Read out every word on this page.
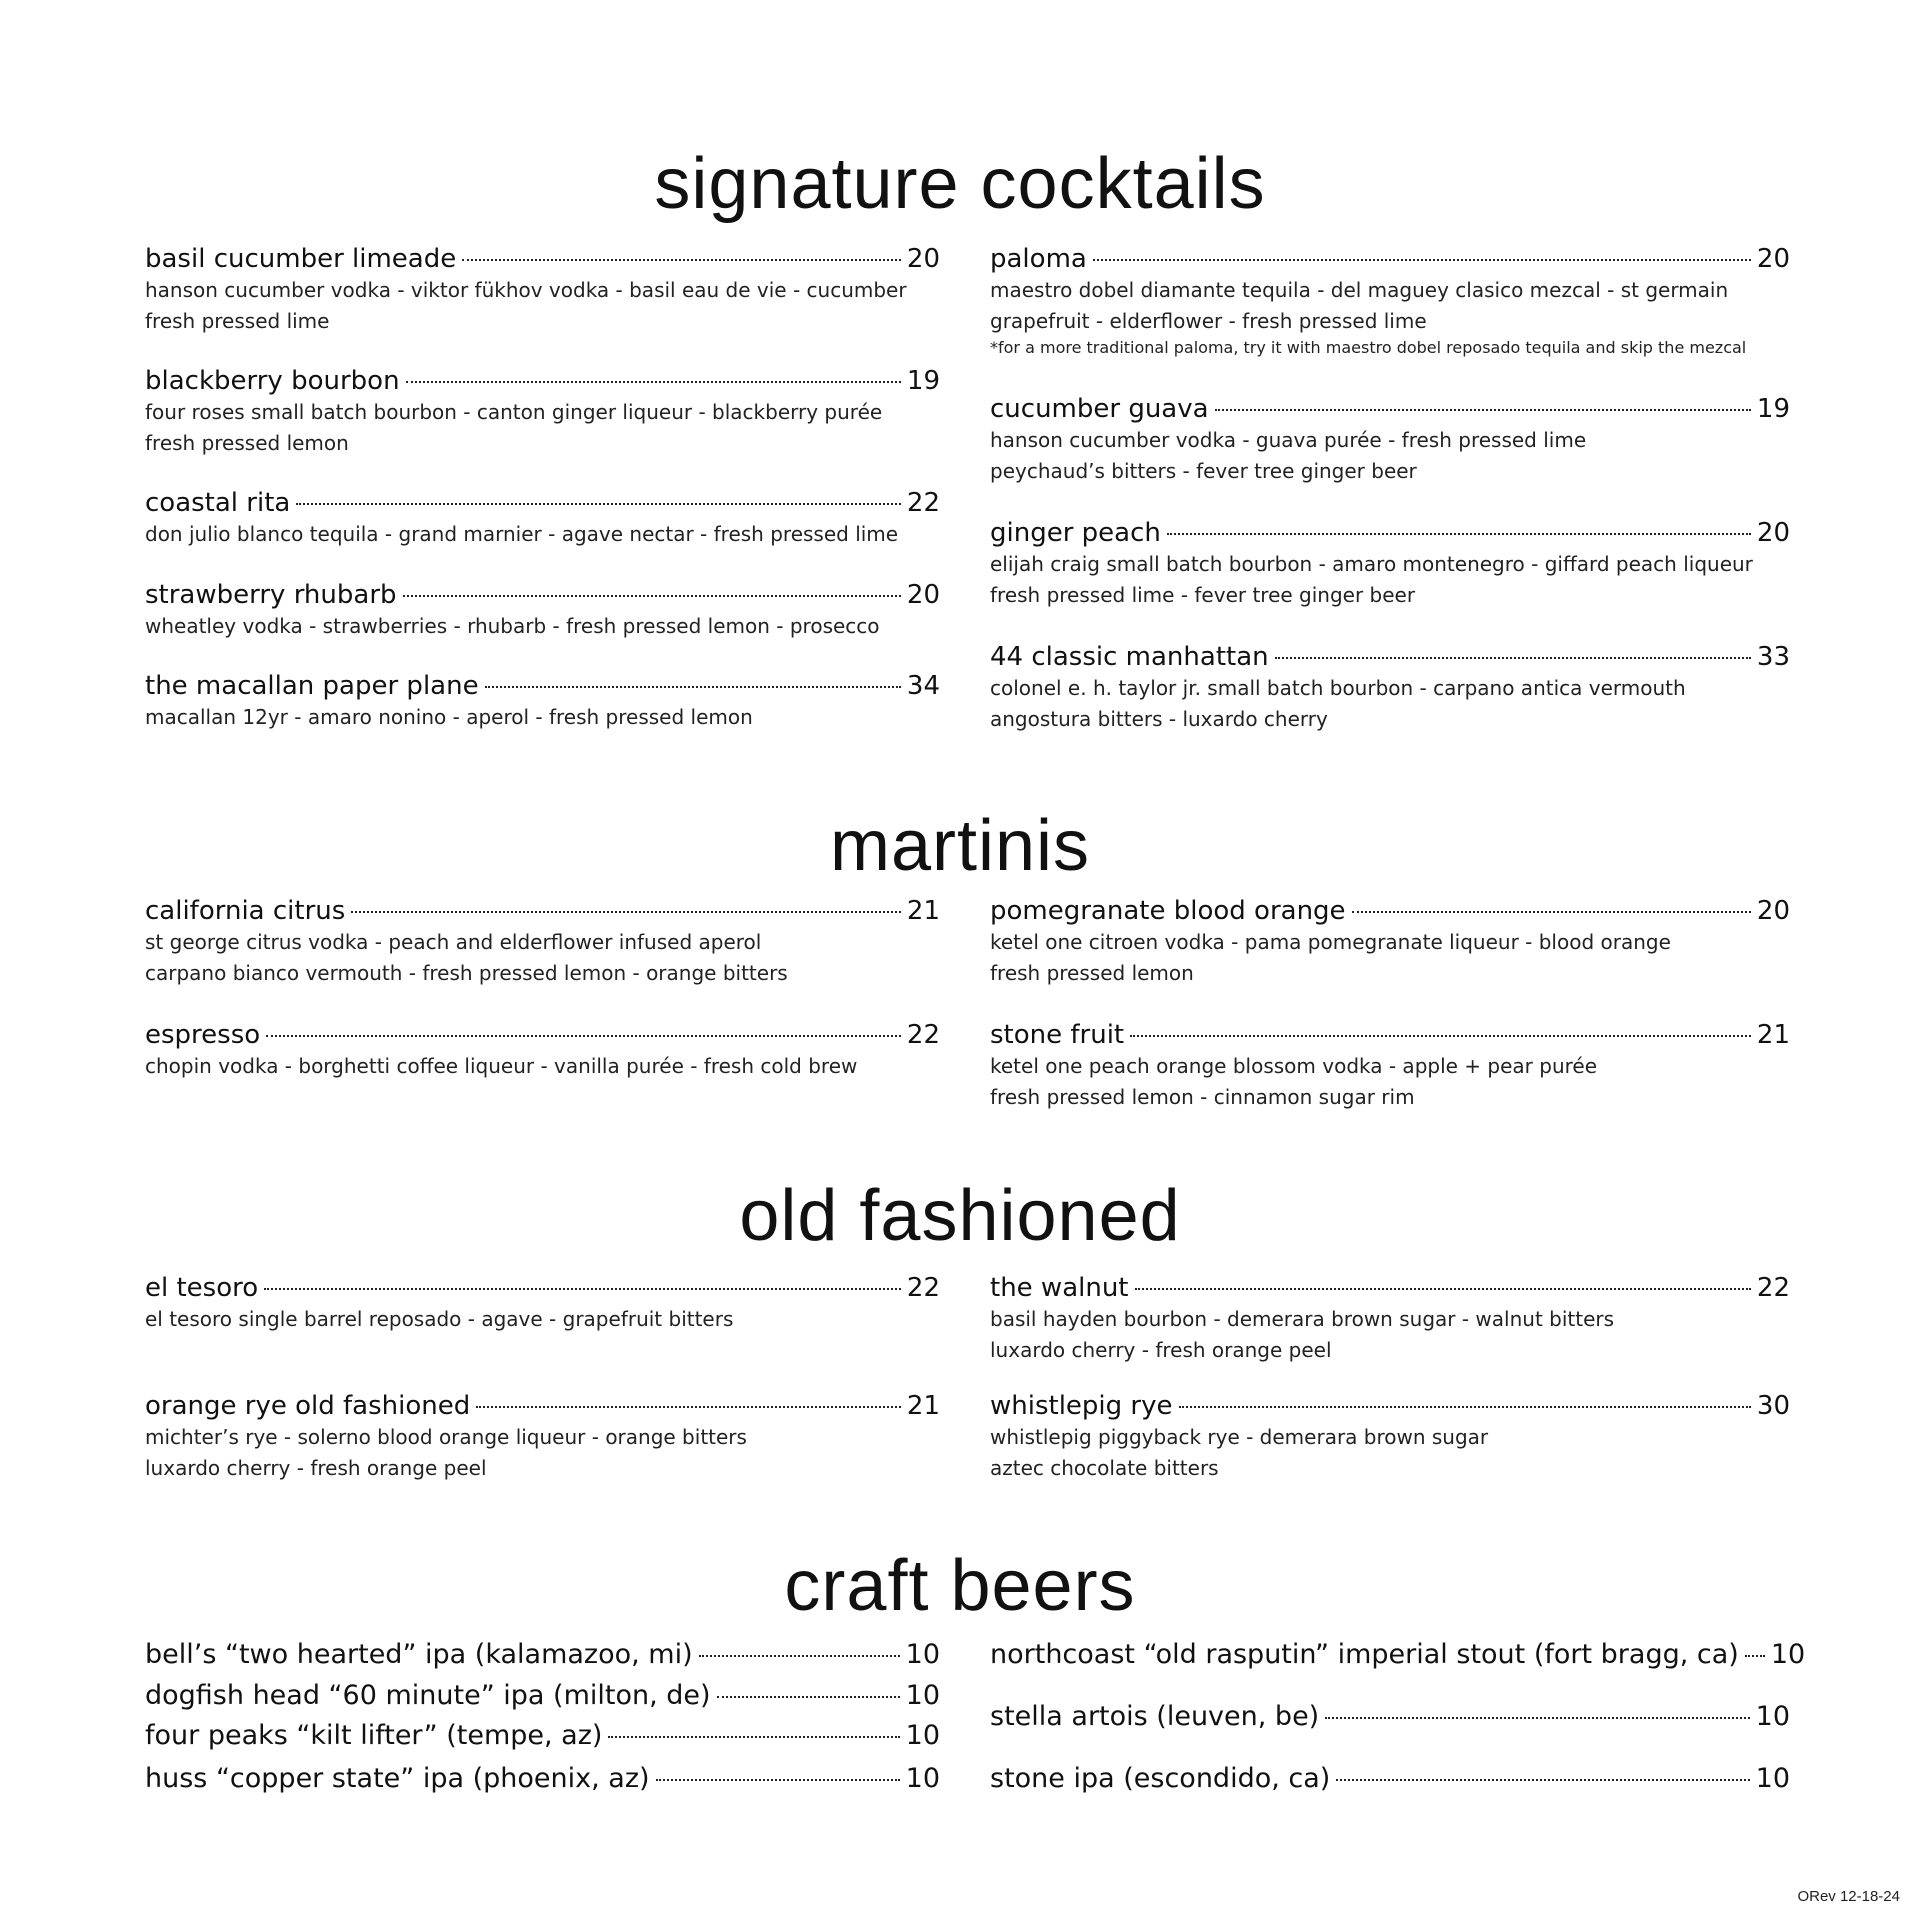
signature cocktails
basil cucumber limeade	20
hanson cucumber vodka - viktor fükhov vodka - basil eau de vie - cucumber
fresh pressed lime
blackberry bourbon	19
four roses small batch bourbon - canton ginger liqueur - blackberry purée
fresh pressed lemon
coastal rita	22
don julio blanco tequila - grand marnier - agave nectar - fresh pressed lime
strawberry rhubarb	20
wheatley vodka - strawberries - rhubarb - fresh pressed lemon - prosecco
the macallan paper plane	34
macallan 12yr - amaro nonino - aperol - fresh pressed lemon
paloma	20
maestro dobel diamante tequila - del maguey clasico mezcal - st germain
grapefruit - elderflower - fresh pressed lime
*for a more traditional paloma, try it with maestro dobel reposado tequila and skip the mezcal
cucumber guava	19
hanson cucumber vodka - guava purée - fresh pressed lime
peychaud’s bitters - fever tree ginger beer
ginger peach	20
elijah craig small batch bourbon - amaro montenegro - giffard peach liqueur
fresh pressed lime - fever tree ginger beer
44 classic manhattan	33
colonel e. h. taylor jr. small batch bourbon - carpano antica vermouth
angostura bitters - luxardo cherry
martinis
california citrus	21
st george citrus vodka - peach and elderflower infused aperol
carpano bianco vermouth - fresh pressed lemon - orange bitters
espresso	22
chopin vodka - borghetti coffee liqueur - vanilla purée - fresh cold brew
pomegranate blood orange	20
ketel one citroen vodka - pama pomegranate liqueur - blood orange
fresh pressed lemon
stone fruit	21
ketel one peach orange blossom vodka - apple + pear purée
fresh pressed lemon - cinnamon sugar rim
old fashioned
el tesoro	22
el tesoro single barrel reposado - agave - grapefruit bitters
orange rye old fashioned	21
michter’s rye - solerno blood orange liqueur - orange bitters
luxardo cherry - fresh orange peel
the walnut	22
basil hayden bourbon - demerara brown sugar - walnut bitters
luxardo cherry - fresh orange peel
whistlepig rye	30
whistlepig piggyback rye - demerara brown sugar
aztec chocolate bitters
craft beers
bell’s “two hearted” ipa (kalamazoo, mi)	10
dogfish head “60 minute” ipa (milton, de)	10
four peaks “kilt lifter” (tempe, az)	10
huss “copper state” ipa (phoenix, az)	10
northcoast “old rasputin” imperial stout (fort bragg, ca) 10
stella artois (leuven, be)	10
stone ipa (escondido, ca)	10
ORev 12-18-24
